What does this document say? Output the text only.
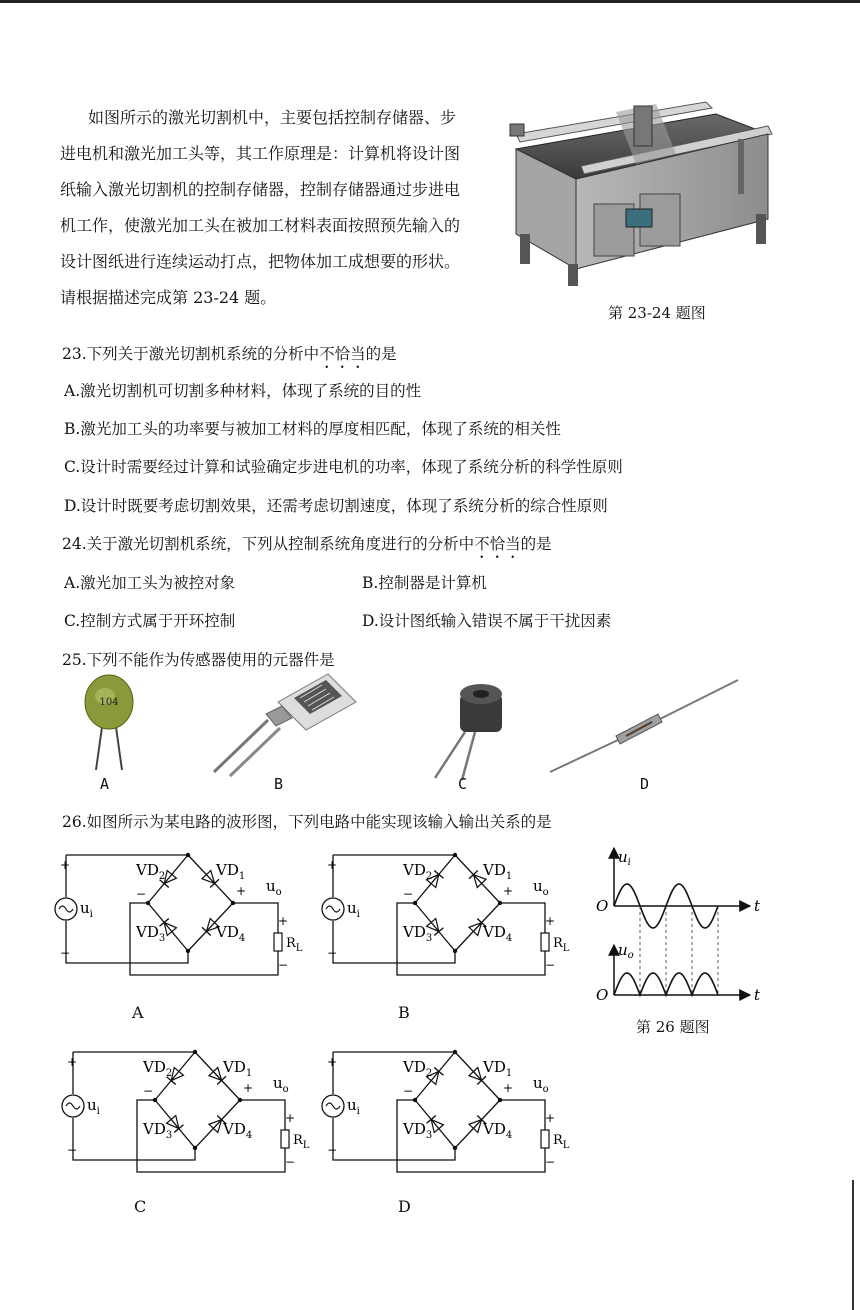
如图所示的激光切割机中，主要包括控制存储器、步
进电机和激光加工头等，其工作原理是：计算机将设计图
纸输入激光切割机的控制存储器，控制存储器通过步进电
机工作，使激光加工头在被加工材料表面按照预先输入的
设计图纸进行连续运动打点，把物体加工成想要的形状。
请根据描述完成第 23-24 题。
第 23-24 题图
23.下列关于激光切割机系统的分析中不恰当的是
A.激光切割机可切割多种材料，体现了系统的目的性
B.激光加工头的功率要与被加工材料的厚度相匹配，体现了系统的相关性
C.设计时需要经过计算和试验确定步进电机的功率，体现了系统分析的科学性原则
D.设计时既要考虑切割效果，还需考虑切割速度，体现了系统分析的综合性原则
24.关于激光切割机系统，下列从控制系统角度进行的分析中不恰当的是
A.激光加工头为被控对象	B.控制器是计算机
C.控制方式属于开环控制	D.设计图纸输入错误不属于干扰因素
25.下列不能作为传感器使用的元器件是
104
A	B	C	D
26.如图所示为某电路的波形图，下列电路中能实现该输入输出关系的是
$VD_2$	$VD_1$
$VD_3$	$VD_4$
$u_i$
$u_o$
$R_L$
+
−
−	+
+
−
$VD_2$	$VD_1$
$VD_3$	$VD_4$
$u_i$
$u_o$
$R_L$
+
−
−	+
+
−
$VD_2$	$VD_1$
$VD_3$	$VD_4$
$u_i$
$u_o$
$R_L$
+
−
−	+
+
−
$VD_2$	$VD_1$
$VD_3$	$VD_4$
$u_i$
$u_o$
$R_L$
+
−
−	+
+
−
A	B
C	D
$u_i$
O	t
$u_o$
O	t
第 26 题图
